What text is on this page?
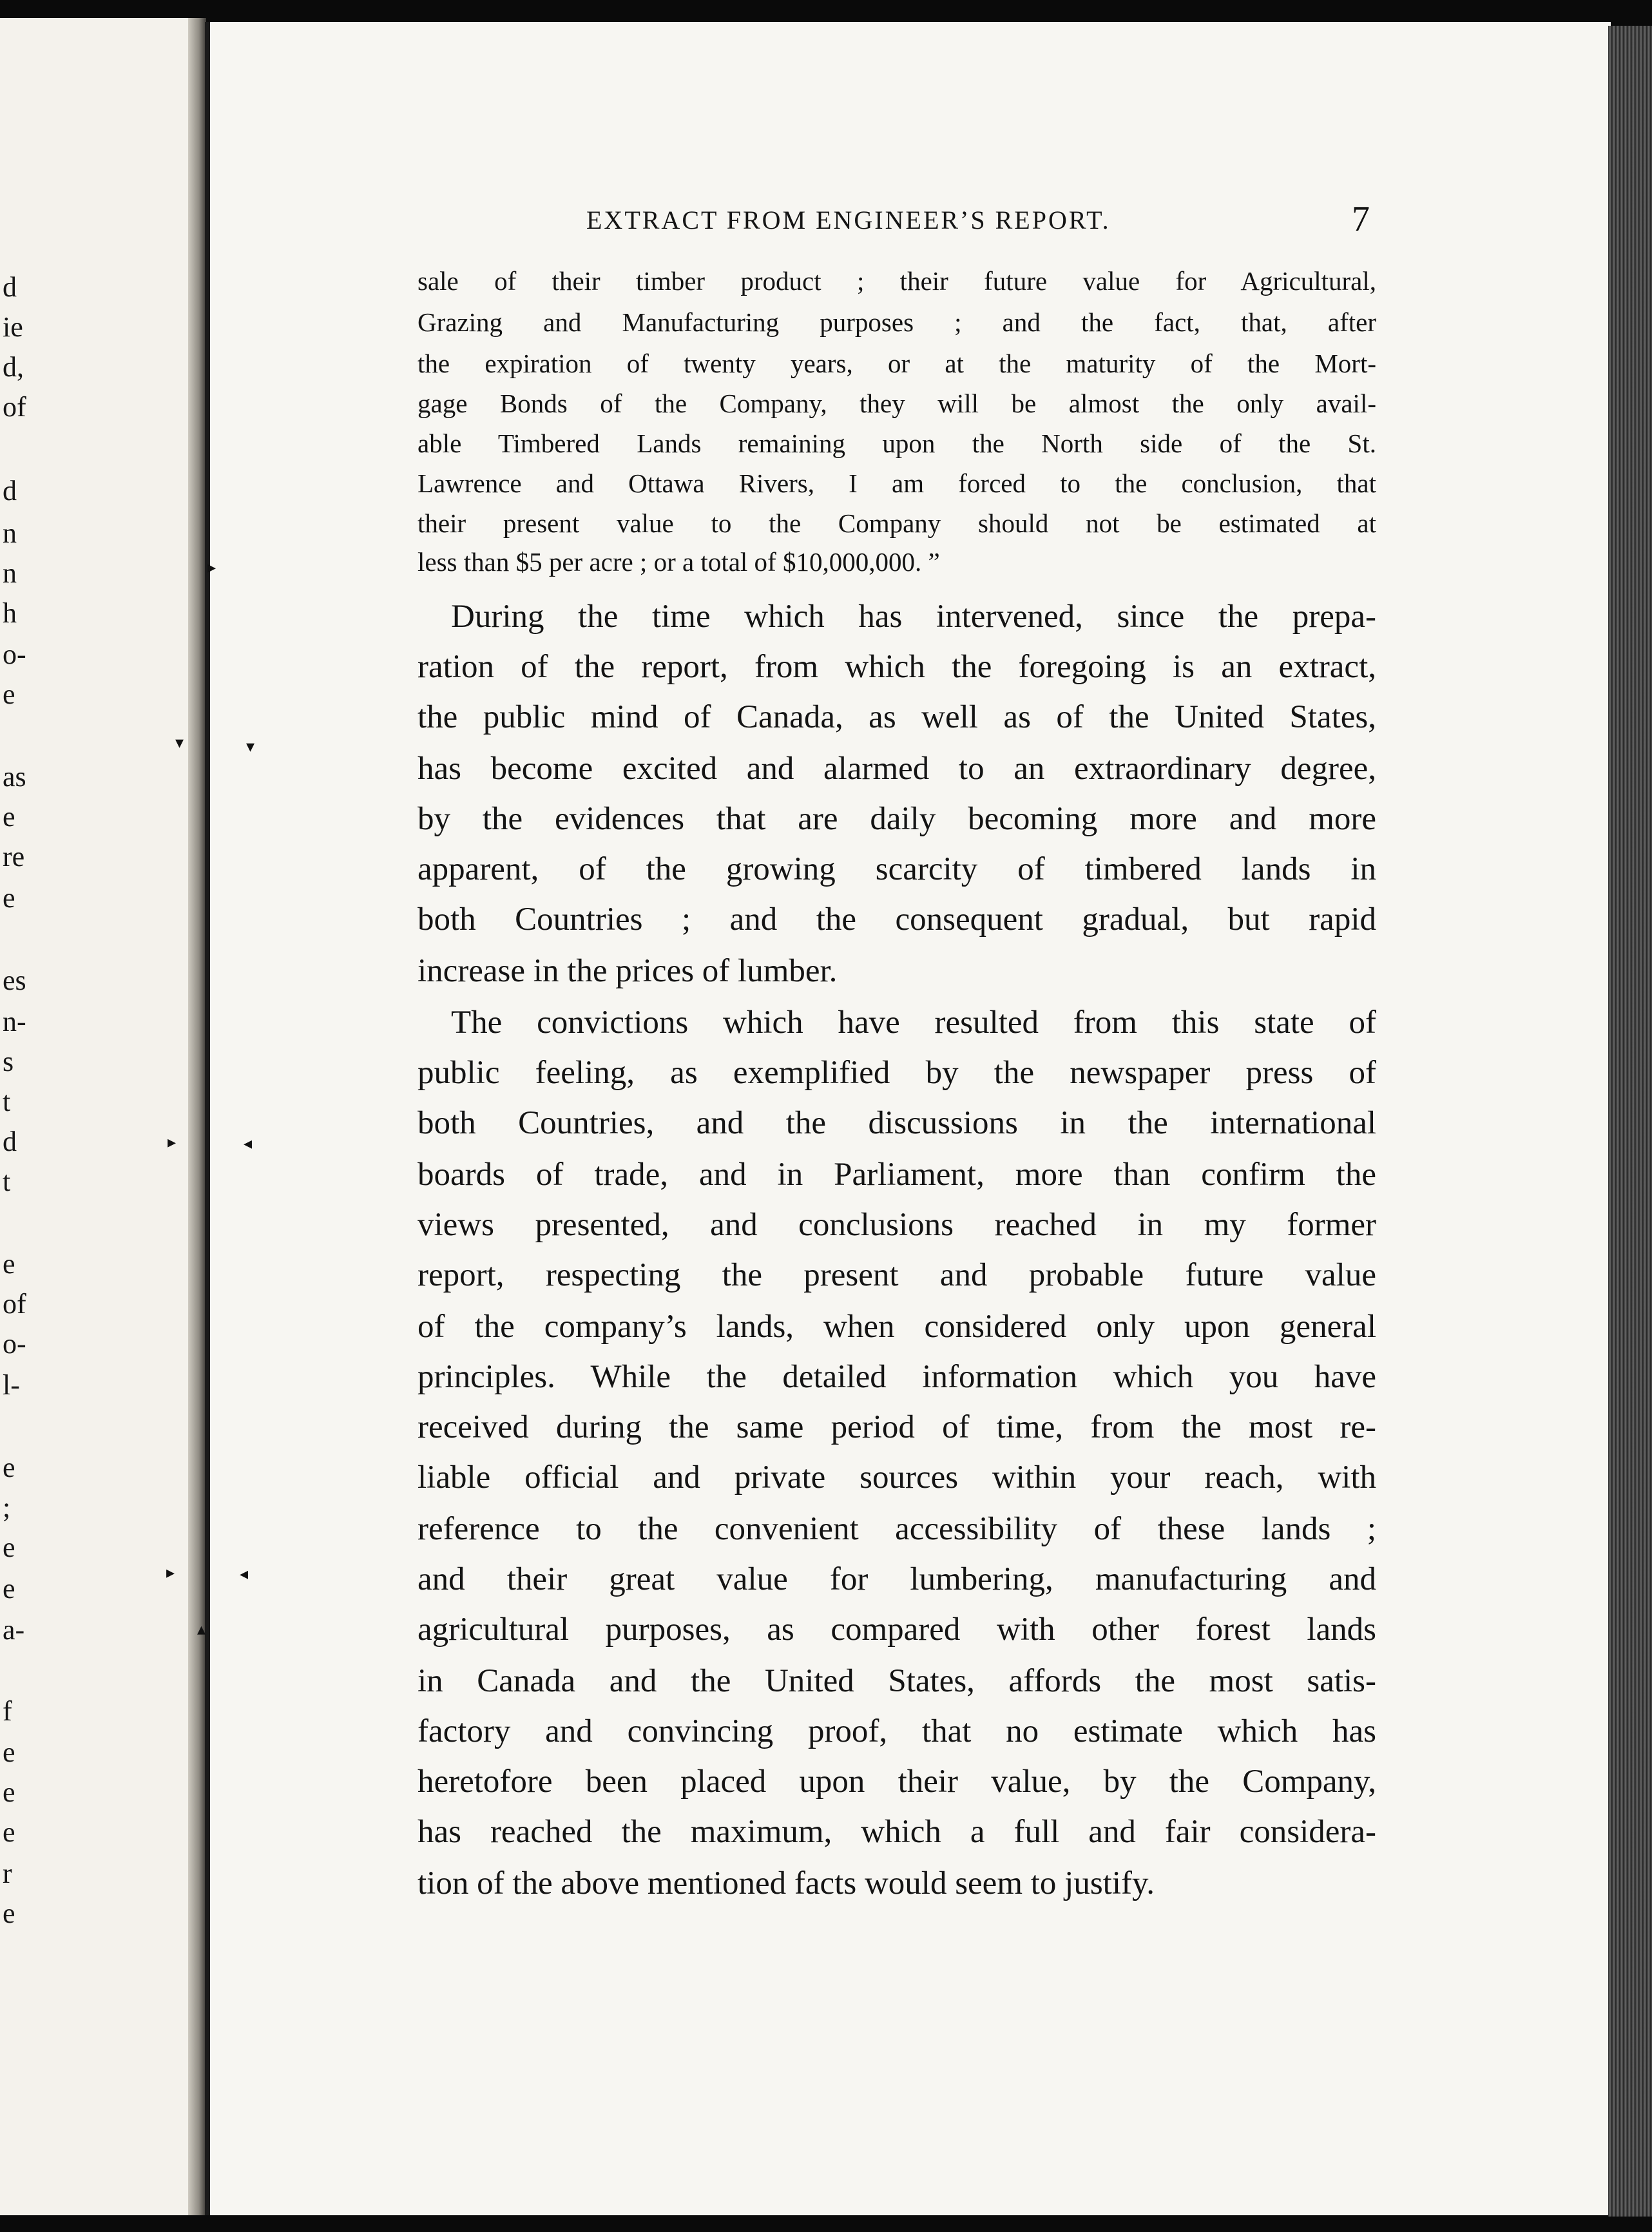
d
ie
d,
of
d
n
n
h
o-
e
as
e
re
e
es
n-
s
t
d
t
e
of
o-
l-
e
;
e
e
a-
f
e
e
e
r
e
▸
▾	▾
▸	◂
▸	◂
▴
EXTRACT FROM ENGINEER’S REPORT.	7
sale of their timber product ; their future value for Agricultural,
Grazing and Manufacturing purposes ; and the fact, that, after
the expiration of twenty years, or at the maturity of the Mort-
gage Bonds of the Company, they will be almost the only avail-
able Timbered Lands remaining upon the North side of the St.
Lawrence and Ottawa Rivers, I am forced to the conclusion, that
their present value to the Company should not be estimated at
less than $5 per acre ; or a total of $10,000,000. ”
During the time which has intervened, since the prepa-
ration of the report, from which the foregoing is an extract,
the public mind of Canada, as well as of the United States,
has become excited and alarmed to an extraordinary degree,
by the evidences that are daily becoming more and more
apparent, of the growing scarcity of timbered lands in
both Countries ; and the consequent gradual, but rapid
increase in the prices of lumber.
The convictions which have resulted from this state of
public feeling, as exemplified by the newspaper press of
both Countries, and the discussions in the international
boards of trade, and in Parliament, more than confirm the
views presented, and conclusions reached in my former
report, respecting the present and probable future value
of the company’s lands, when considered only upon general
principles. While the detailed information which you have
received during the same period of time, from the most re-
liable official and private sources within your reach, with
reference to the convenient accessibility of these lands ;
and their great value for lumbering, manufacturing and
agricultural purposes, as compared with other forest lands
in Canada and the United States, affords the most satis-
factory and convincing proof, that no estimate which has
heretofore been placed upon their value, by the Company,
has reached the maximum, which a full and fair considera-
tion of the above mentioned facts would seem to justify.
